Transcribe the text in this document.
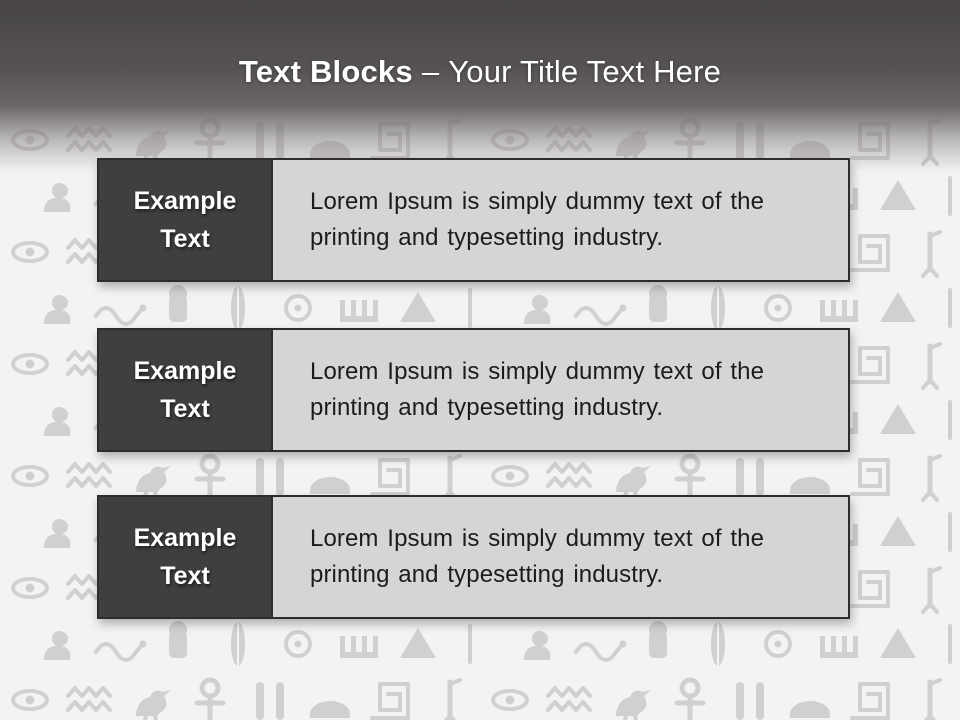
Text Blocks – Your Title Text Here
Example
Text
Lorem Ipsum is simply dummy text of the
printing and typesetting industry.
Example
Text
Lorem Ipsum is simply dummy text of the
printing and typesetting industry.
Example
Text
Lorem Ipsum is simply dummy text of the
printing and typesetting industry.
